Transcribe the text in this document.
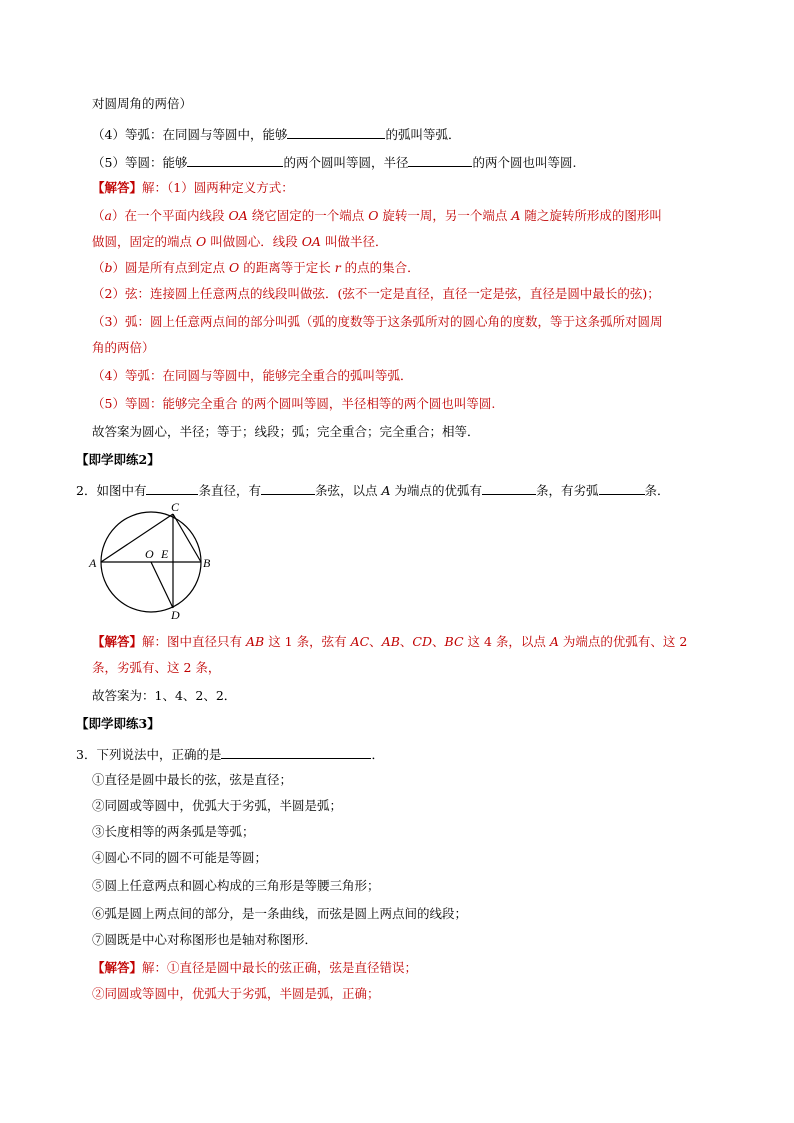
对圆周角的两倍）
（4）等弧：在同圆与等圆中，能够	的弧叫等弧．
（5）等圆：能够	的两个圆叫等圆，半径	的两个圆也叫等圆.
【解答】解：（1）圆两种定义方式：
（a）在一个平面内线段 OA 绕它固定的一个端点 O 旋转一周，另一个端点 A 随之旋转所形成的图形叫
做圆，固定的端点 O 叫做圆心．线段 OA 叫做半径．
（b）圆是所有点到定点 O 的距离等于定长 r 的点的集合．
（2）弦：连接圆上任意两点的线段叫做弦．(弦不一定是直径，直径一定是弦，直径是圆中最长的弦)；
（3）弧：圆上任意两点间的部分叫弧（弧的度数等于这条弧所对的圆心角的度数，等于这条弧所对圆周
角的两倍）
（4）等弧：在同圆与等圆中，能够完全重合的弧叫等弧．
（5）等圆：能够完全重合 的两个圆叫等圆，半径相等的两个圆也叫等圆.
故答案为圆心，半径；等于；线段；弧；完全重合；完全重合；相等．
【即学即练2】
2．如图中有	条直径，有	条弦，以点 A 为端点的优弧有	条，有劣弧	条．
A	B
C
D
O E
【解答】解：图中直径只有 AB 这 1 条，弦有 AC、AB、CD、BC 这 4 条，以点 A 为端点的优弧有、这 2
条，劣弧有、这 2 条，
故答案为：1、4、2、2．
【即学即练3】
3．下列说法中，正确的是	．
①直径是圆中最长的弦，弦是直径；
②同圆或等圆中，优弧大于劣弧，半圆是弧；
③长度相等的两条弧是等弧；
④圆心不同的圆不可能是等圆；
⑤圆上任意两点和圆心构成的三角形是等腰三角形；
⑥弧是圆上两点间的部分，是一条曲线，而弦是圆上两点间的线段；
⑦圆既是中心对称图形也是轴对称图形．
【解答】解：①直径是圆中最长的弦正确，弦是直径错误；
②同圆或等圆中，优弧大于劣弧，半圆是弧，正确；
